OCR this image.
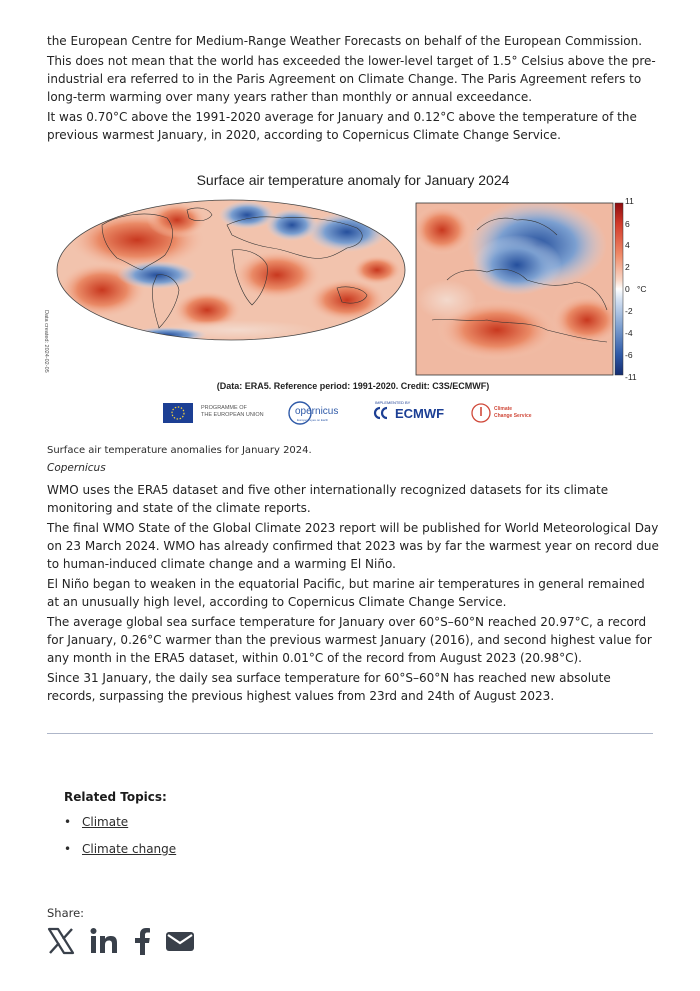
the European Centre for Medium-Range Weather Forecasts on behalf of the European Commission.

This does not mean that the world has exceeded the lower-level target of 1.5° Celsius above the pre-industrial era referred to in the Paris Agreement on Climate Change. The Paris Agreement refers to long-term warming over many years rather than monthly or annual exceedance.

It was 0.70°C above the 1991-2020 average for January and 0.12°C above the temperature of the previous warmest January, in 2020, according to Copernicus Climate Change Service.

Surface air temperature anomaly for January 2024
11
6
4
2
0
-2
-4
-6
-11
°C
Data created: 2024-02-05
(Data: ERA5. Reference period: 1991-2020. Credit: C3S/ECMWF)
PROGRAMME OF
THE EUROPEAN UNION	opernicus
Europe's eyes on Earth
IMPLEMENTED BY
ECMWF	Climate
Change Service
Surface air temperature anomalies for January 2024.
Copernicus

WMO uses the ERA5 dataset and five other internationally recognized datasets for its climate monitoring and state of the climate reports.

The final WMO State of the Global Climate 2023 report will be published for World Meteorological Day on 23 March 2024. WMO has already confirmed that 2023 was by far the warmest year on record due to human-induced climate change and a warming El Niño.

El Niño began to weaken in the equatorial Pacific, but marine air temperatures in general remained at an unusually high level, according to Copernicus Climate Change Service.

The average global sea surface temperature for January over 60°S–60°N reached 20.97°C, a record for January, 0.26°C warmer than the previous warmest January (2016), and second highest value for any month in the ERA5 dataset, within 0.01°C of the record from August 2023 (20.98°C).

Since 31 January, the daily sea surface temperature for 60°S–60°N has reached new absolute records, surpassing the previous highest values from 23rd and 24th of August 2023.

Related Topics:
• Climate
• Climate change
Share:
